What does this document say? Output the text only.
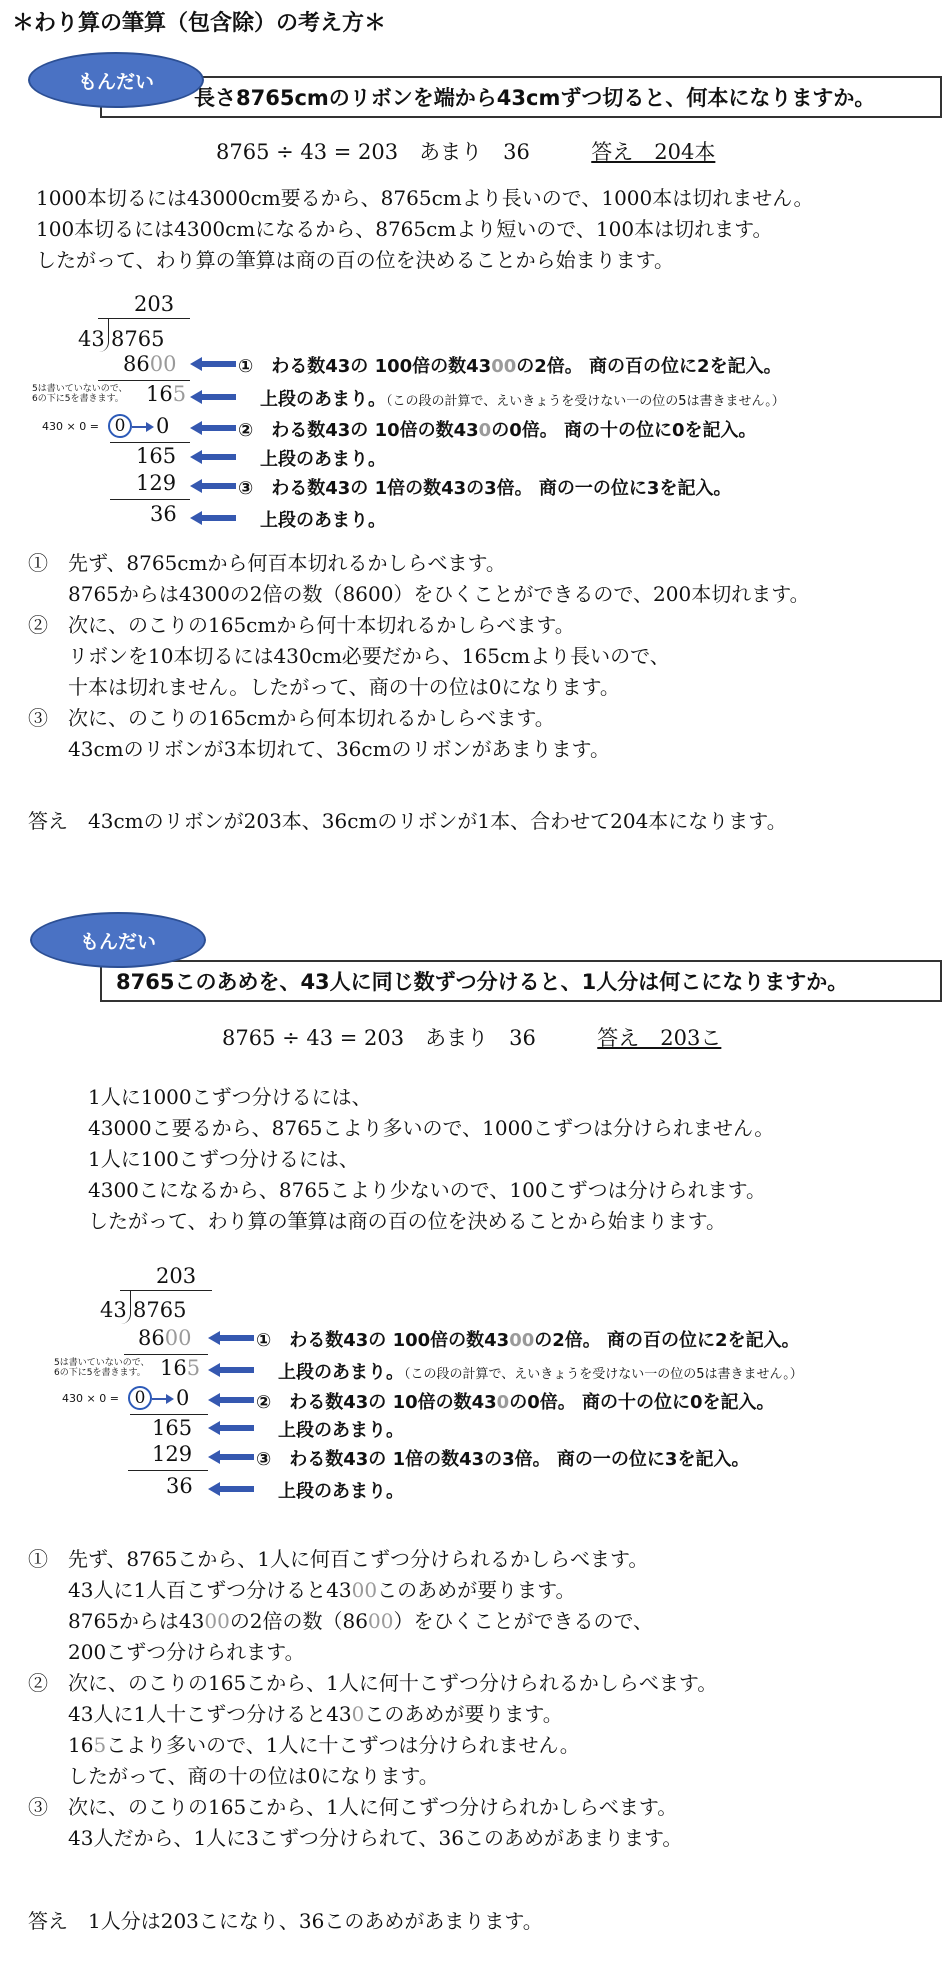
＊わり算の筆算（包含除）の考え方＊
長さ8765cmのリボンを端から43cmずつ切ると、何本になりますか。
もんだい
8765 ÷ 43 = 203　あまり　36	答え　204本
1000本切るには43000cm要るから、8765cmより長いので、1000本は切れません。
100本切るには4300cmになるから、8765cmより短いので、100本は切れます。
したがって、わり算の筆算は商の百の位を決めることから始まります。
203
43 8765
8600
5は書いていないので、
6の下に5を書きます。 165
430 × 0 = 0	0
165
129
36
①　 わる数43の 100倍の数4300の2倍。 商の百の位に2を記入。
上段のあまり。（この段の計算で、えいきょうを受けない一の位の5は書きません。）
②　 わる数43の 10倍の数430の0倍。 商の十の位に0を記入。
上段のあまり。
③　 わる数43の 1倍の数43の3倍。 商の一の位に3を記入。
上段のあまり。
①　先ず、8765cmから何百本切れるかしらべます。
　　8765からは4300の2倍の数（8600）をひくことができるので、200本切れます。
②　次に、のこりの165cmから何十本切れるかしらべます。
　　リボンを10本切るには430cm必要だから、165cmより長いので、
　　十本は切れません。したがって、商の十の位は0になります。
③　次に、のこりの165cmから何本切れるかしらべます。
　　43cmのリボンが3本切れて、36cmのリボンがあまります。
答え　43cmのリボンが203本、36cmのリボンが1本、合わせて204本になります。
8765このあめを、43人に同じ数ずつ分けると、1人分は何こになりますか。
もんだい
8765 ÷ 43 = 203　あまり　36	答え　203こ
1人に1000こずつ分けるには、
43000こ要るから、8765こより多いので、1000こずつは分けられません。
1人に100こずつ分けるには、
4300こになるから、8765こより少ないので、100こずつは分けられます。
したがって、わり算の筆算は商の百の位を決めることから始まります。
203
43 8765
8600
5は書いていないので、
6の下に5を書きます。 165
430 × 0 = 0	0
165
129
36
①　 わる数43の 100倍の数4300の2倍。 商の百の位に2を記入。
上段のあまり。（この段の計算で、えいきょうを受けない一の位の5は書きません。）
②　 わる数43の 10倍の数430の0倍。 商の十の位に0を記入。
上段のあまり。
③　 わる数43の 1倍の数43の3倍。 商の一の位に3を記入。
上段のあまり。
①　先ず、8765こから、1人に何百こずつ分けられるかしらべます。
　　43人に1人百こずつ分けると4300このあめが要ります。
　　8765からは4300の2倍の数（8600）をひくことができるので、
　　200こずつ分けられます。
②　次に、のこりの165こから、1人に何十こずつ分けられるかしらべます。
　　43人に1人十こずつ分けると430このあめが要ります。
　　165こより多いので、1人に十こずつは分けられません。
　　したがって、商の十の位は0になります。
③　次に、のこりの165こから、1人に何こずつ分けられかしらべます。
　　43人だから、1人に3こずつ分けられて、36このあめがあまります。
答え　1人分は203こになり、36このあめがあまります。
